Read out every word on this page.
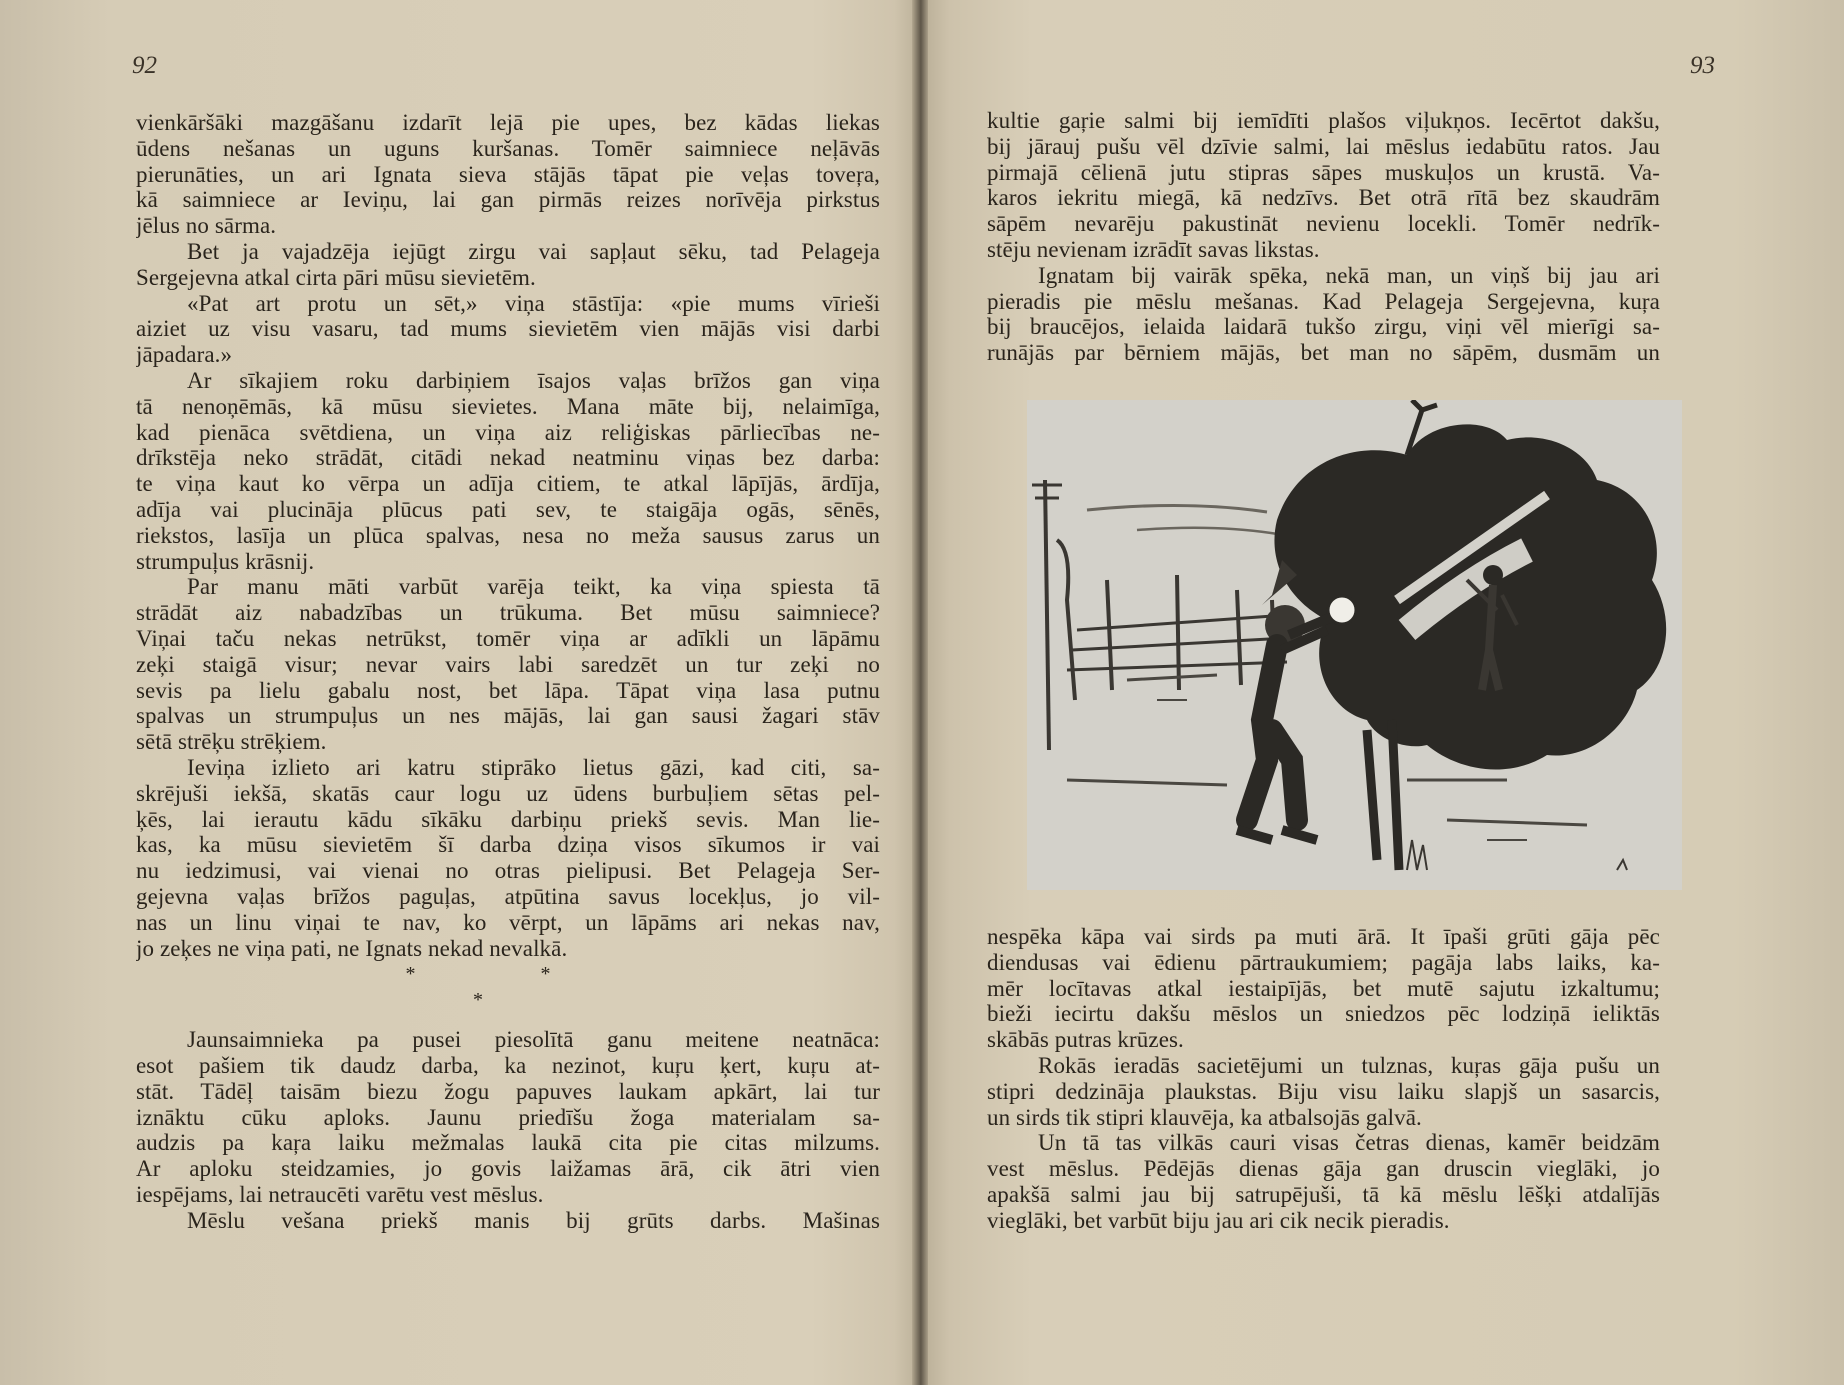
92
vienkāršāki mazgāšanu izdarīt lejā pie upes, bez kādas liekas
ūdens nešanas un uguns kuršanas. Tomēr saimniece neļāvās
pierunāties, un ari Ignata sieva stājās tāpat pie veļas toveŗa,
kā saimniece ar Ieviņu, lai gan pirmās reizes norīvēja pirkstus
jēlus no sārma.
Bet ja vajadzēja iejūgt zirgu vai sapļaut sēku, tad Pelageja
Sergejevna atkal cirta pāri mūsu sievietēm.
«Pat art protu un sēt,» viņa stāstīja: «pie mums vīrieši
aiziet uz visu vasaru, tad mums sievietēm vien mājās visi darbi
jāpadara.»
Ar sīkajiem roku darbiņiem īsajos vaļas brīžos gan viņa
tā nenoņēmās, kā mūsu sievietes. Mana māte bij, nelaimīga,
kad pienāca svētdiena, un viņa aiz reliģiskas pārliecības ne-
drīkstēja neko strādāt, citādi nekad neatminu viņas bez darba:
te viņa kaut ko vērpa un adīja citiem, te atkal lāpījās, ārdīja,
adīja vai plucināja plūcus pati sev, te staigāja ogās, sēnēs,
riekstos, lasīja un plūca spalvas, nesa no meža sausus zarus un
strumpuļus krāsnij.
Par manu māti varbūt varēja teikt, ka viņa spiesta tā
strādāt aiz nabadzības un trūkuma. Bet mūsu saimniece?
Viņai taču nekas netrūkst, tomēr viņa ar adīkli un lāpāmu
zeķi staigā visur; nevar vairs labi saredzēt un tur zeķi no
sevis pa lielu gabalu nost, bet lāpa. Tāpat viņa lasa putnu
spalvas un strumpuļus un nes mājās, lai gan sausi žagari stāv
sētā strēķu strēķiem.
Ieviņa izlieto ari katru stiprāko lietus gāzi, kad citi, sa-
skrējuši iekšā, skatās caur logu uz ūdens burbuļiem sētas pel-
ķēs, lai ierautu kādu sīkāku darbiņu priekš sevis. Man lie-
kas, ka mūsu sievietēm šī darba dziņa visos sīkumos ir vai
nu iedzimusi, vai vienai no otras pielipusi. Bet Pelageja Ser-
gejevna vaļas brīžos paguļas, atpūtina savus locekļus, jo vil-
nas un linu viņai te nav, ko vērpt, un lāpāms ari nekas nav,
jo zeķes ne viņa pati, ne Ignats nekad nevalkā.
* *
*
Jaunsaimnieka pa pusei piesolītā ganu meitene neatnāca:
esot pašiem tik daudz darba, ka nezinot, kuŗu ķert, kuŗu at-
stāt. Tādēļ taisām biezu žogu papuves laukam apkārt, lai tur
iznāktu cūku aploks. Jaunu priedīšu žoga materialam sa-
audzis pa kaŗa laiku mežmalas laukā cita pie citas milzums.
Ar aploku steidzamies, jo govis laižamas ārā, cik ātri vien
iespējams, lai netraucēti varētu vest mēslus.
Mēslu vešana priekš manis bij grūts darbs. Mašinas
93
kultie gaŗie salmi bij iemīdīti plašos viļukņos. Iecērtot dakšu,
bij jārauj pušu vēl dzīvie salmi, lai mēslus iedabūtu ratos. Jau
pirmajā cēlienā jutu stipras sāpes muskuļos un krustā. Va-
karos iekritu miegā, kā nedzīvs. Bet otrā rītā bez skaudrām
sāpēm nevarēju pakustināt nevienu locekli. Tomēr nedrīk-
stēju nevienam izrādīt savas likstas.
Ignatam bij vairāk spēka, nekā man, un viņš bij jau ari
pieradis pie mēslu mešanas. Kad Pelageja Sergejevna, kuŗa
bij braucējos, ielaida laidarā tukšo zirgu, viņi vēl mierīgi sa-
runājās par bērniem mājās, bet man no sāpēm, dusmām un
nespēka kāpa vai sirds pa muti ārā. It īpaši grūti gāja pēc
diendusas vai ēdienu pārtraukumiem; pagāja labs laiks, ka-
mēr locītavas atkal iestaipījās, bet mutē sajutu izkaltumu;
bieži iecirtu dakšu mēslos un sniedzos pēc lodziņā ieliktās
skābās putras krūzes.
Rokās ieradās sacietējumi un tulznas, kuŗas gāja pušu un
stipri dedzināja plaukstas. Biju visu laiku slapjš un sasarcis,
un sirds tik stipri klauvēja, ka atbalsojās galvā.
Un tā tas vilkās cauri visas četras dienas, kamēr beidzām
vest mēslus. Pēdējās dienas gāja gan druscin vieglāki, jo
apakšā salmi jau bij satrupējuši, tā kā mēslu lēšķi atdalījās
vieglāki, bet varbūt biju jau ari cik necik pieradis.
